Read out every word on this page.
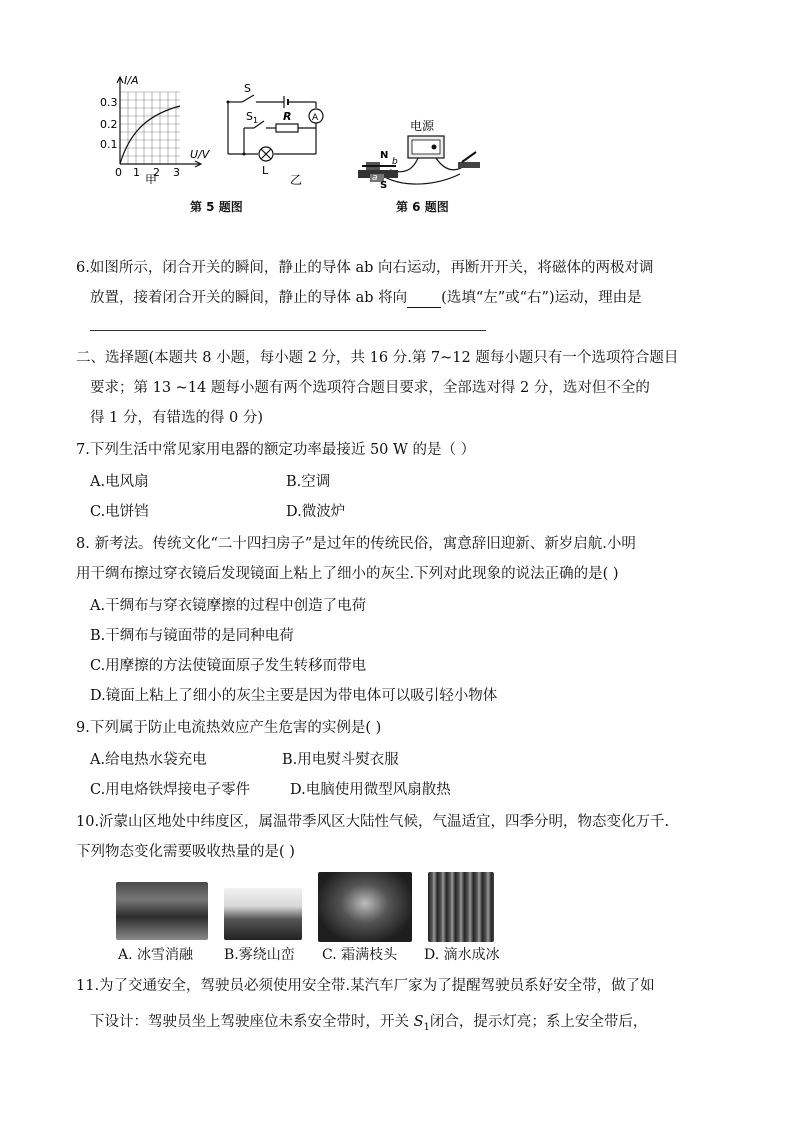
I/A
U/V
0.3
0.2
0.1
0 1 2 3
甲
S
$S_1$ R A
L
乙
第 5 题图
电源
N
b
a
S
第 6 题图
6.如图所示，闭合开关的瞬间，静止的导体 ab 向右运动，再断开开关，将磁体的两极对调
放置，接着闭合开关的瞬间，静止的导体 ab 将向 (选填“左”或“右”)运动，理由是
二、选择题(本题共 8 小题，每小题 2 分，共 16 分.第 7~12 题每小题只有一个选项符合题目
要求；第 13 ~14 题每小题有两个选项符合题目要求，全部选对得 2 分，选对但不全的
得 1 分，有错选的得 0 分)
7.下列生活中常见家用电器的额定功率最接近 50 W 的是（ ）
A.电风扇	B.空调
C.电饼铛	D.微波炉
8. 新考法。传统文化“二十四扫房子”是过年的传统民俗，寓意辞旧迎新、新岁启航.小明
用干绸布擦过穿衣镜后发现镜面上粘上了细小的灰尘.下列对此现象的说法正确的是( )
A.干绸布与穿衣镜摩擦的过程中创造了电荷
B.干绸布与镜面带的是同种电荷
C.用摩擦的方法使镜面原子发生转移而带电
D.镜面上粘上了细小的灰尘主要是因为带电体可以吸引轻小物体
9.下列属于防止电流热效应产生危害的实例是( )
A.给电热水袋充电	B.用电熨斗熨衣服
C.用电烙铁焊接电子零件	D.电脑使用微型风扇散热
10.沂蒙山区地处中纬度区，属温带季风区大陆性气候，气温适宜，四季分明，物态变化万千.
下列物态变化需要吸收热量的是( )
A. 冰雪消融 B.雾绕山峦 C. 霜满枝头 D. 滴水成冰
11.为了交通安全，驾驶员必须使用安全带.某汽车厂家为了提醒驾驶员系好安全带，做了如
下设计：驾驶员坐上驾驶座位未系安全带时，开关 $S_1$闭合，提示灯亮；系上安全带后，
